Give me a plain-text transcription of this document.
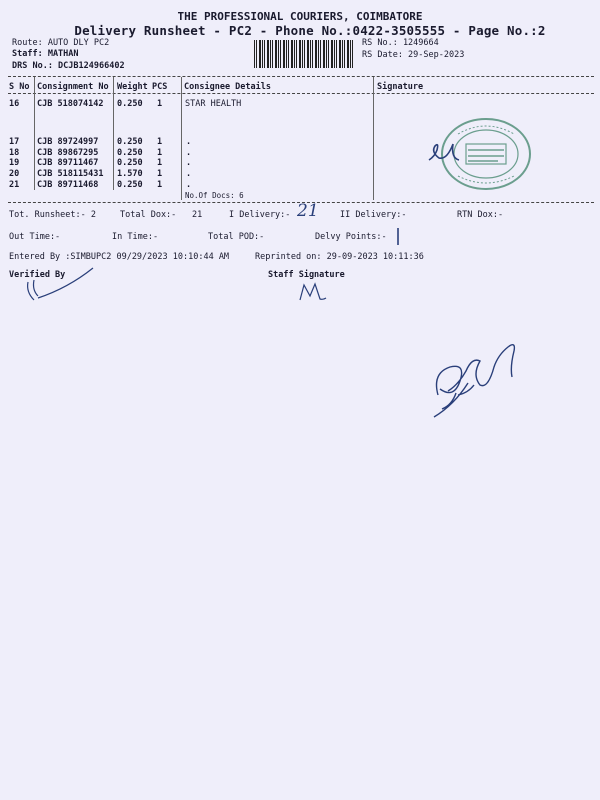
THE PROFESSIONAL COURIERS, COIMBATORE
Delivery Runsheet - PC2 - Phone No.:0422-3505555 - Page No.:2
Route: AUTO DLY PC2
Staff: MATHAN
DRS No.: DCJB124966402
RS No.: 1249664
RS Date: 29-Sep-2023
S No Consignment No Weight PCS Consignee Details	Signature
16 CJB 518074142 0.250 1	STAR HEALTH
17 CJB 89724997 0.250 1	.
18 CJB 89867295 0.250 1	.
19 CJB 89711467 0.250 1	.
20 CJB 518115431 1.570 1	.
21 CJB 89711468 0.250 1	.
No.Of Docs: 6
Tot. Runsheet:- 2	Total Dox:- 21	I Delivery:- 21	II Delivery:-	RTN Dox:-
Out Time:-	In Time:-	Total POD:-	Delvy Points:-
Entered By :SIMBUPC2 09/29/2023 10:10:44 AM	Reprinted on: 29-09-2023 10:11:36
Verified By	Staff Signature
